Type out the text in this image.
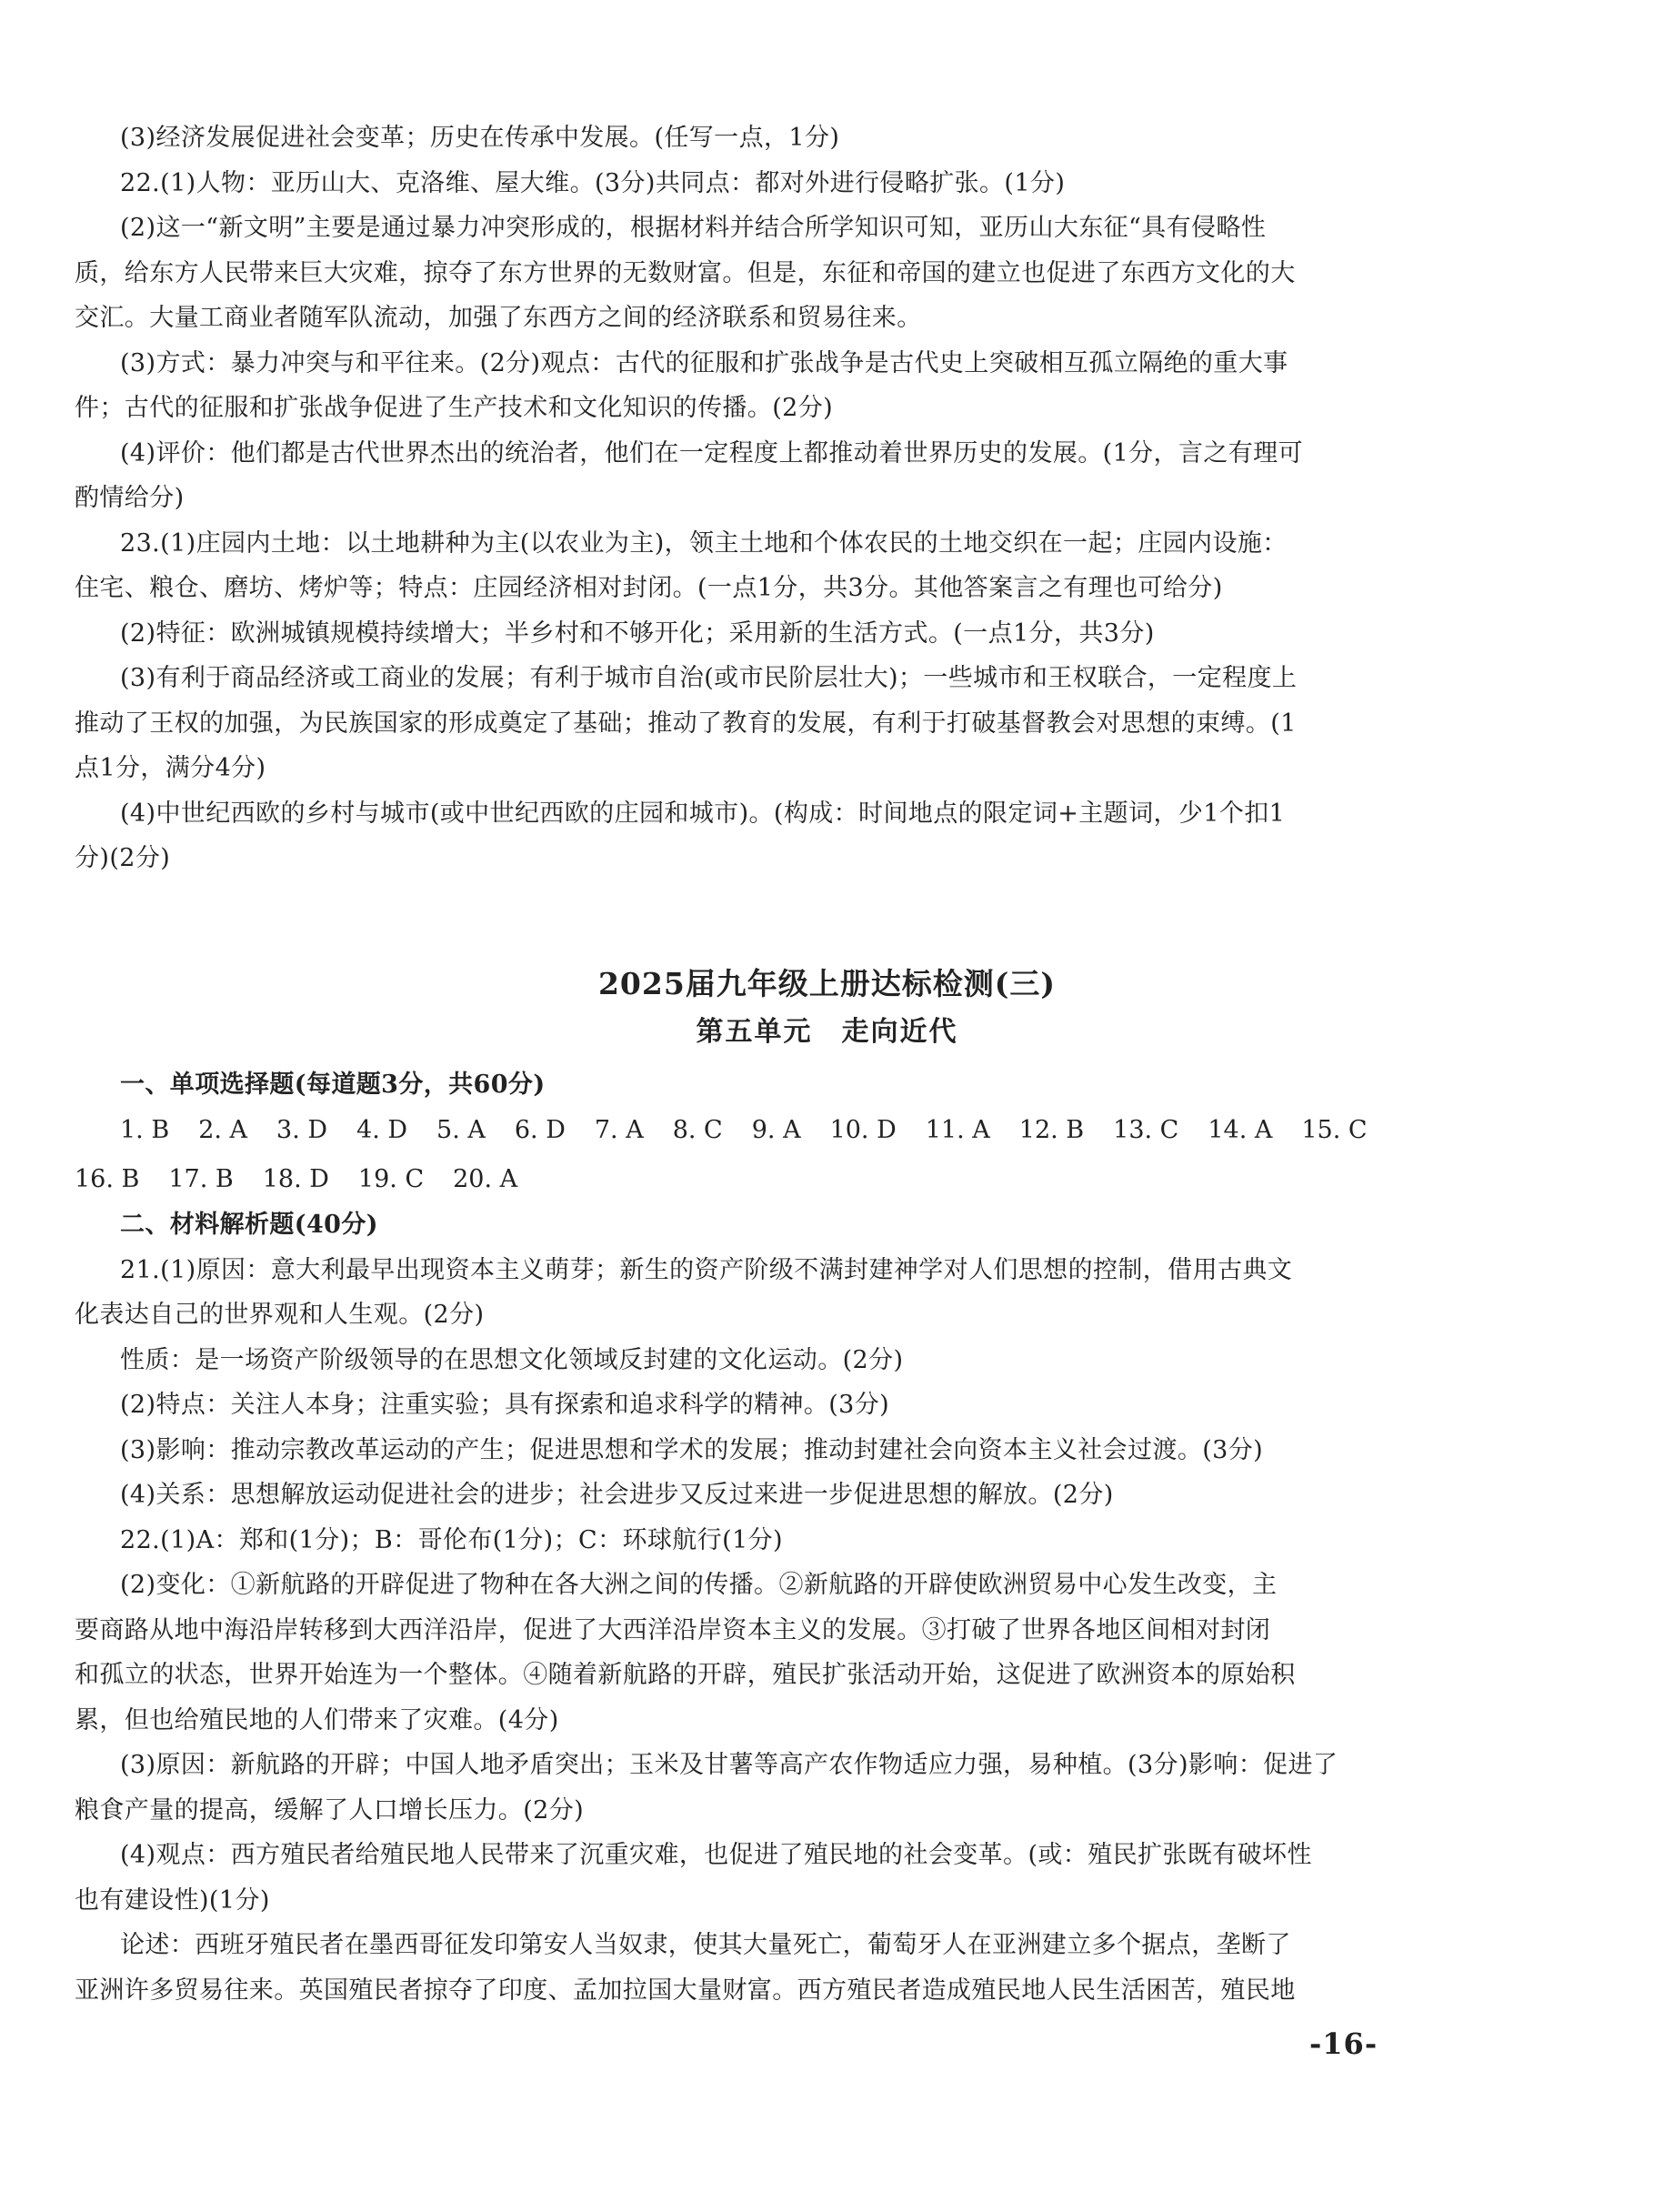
(3)经济发展促进社会变革；历史在传承中发展。(任写一点，1分)
22.(1)人物：亚历山大、克洛维、屋大维。(3分)共同点：都对外进行侵略扩张。(1分)
(2)这一“新文明”主要是通过暴力冲突形成的，根据材料并结合所学知识可知，亚历山大东征“具有侵略性
质，给东方人民带来巨大灾难，掠夺了东方世界的无数财富。但是，东征和帝国的建立也促进了东西方文化的大
交汇。大量工商业者随军队流动，加强了东西方之间的经济联系和贸易往来。
(3)方式：暴力冲突与和平往来。(2分)观点：古代的征服和扩张战争是古代史上突破相互孤立隔绝的重大事
件；古代的征服和扩张战争促进了生产技术和文化知识的传播。(2分)
(4)评价：他们都是古代世界杰出的统治者，他们在一定程度上都推动着世界历史的发展。(1分，言之有理可
酌情给分)
23.(1)庄园内土地：以土地耕种为主(以农业为主)，领主土地和个体农民的土地交织在一起；庄园内设施：
住宅、粮仓、磨坊、烤炉等；特点：庄园经济相对封闭。(一点1分，共3分。其他答案言之有理也可给分)
(2)特征：欧洲城镇规模持续增大；半乡村和不够开化；采用新的生活方式。(一点1分，共3分)
(3)有利于商品经济或工商业的发展；有利于城市自治(或市民阶层壮大)；一些城市和王权联合，一定程度上
推动了王权的加强，为民族国家的形成奠定了基础；推动了教育的发展，有利于打破基督教会对思想的束缚。(1
点1分，满分4分)
(4)中世纪西欧的乡村与城市(或中世纪西欧的庄园和城市)。(构成：时间地点的限定词+主题词，少1个扣1
分)(2分)
2025届九年级上册达标检测(三)
第五单元　走向近代
一、单项选择题(每道题3分，共60分)
1. B 2. A 3. D 4. D 5. A 6. D 7. A 8. C 9. A 10. D 11. A 12. B 13. C 14. A 15. C
16. B 17. B 18. D 19. C 20. A
二、材料解析题(40分)
21.(1)原因：意大利最早出现资本主义萌芽；新生的资产阶级不满封建神学对人们思想的控制，借用古典文
化表达自己的世界观和人生观。(2分)
性质：是一场资产阶级领导的在思想文化领域反封建的文化运动。(2分)
(2)特点：关注人本身；注重实验；具有探索和追求科学的精神。(3分)
(3)影响：推动宗教改革运动的产生；促进思想和学术的发展；推动封建社会向资本主义社会过渡。(3分)
(4)关系：思想解放运动促进社会的进步；社会进步又反过来进一步促进思想的解放。(2分)
22.(1)A：郑和(1分)；B：哥伦布(1分)；C：环球航行(1分)
(2)变化：①新航路的开辟促进了物种在各大洲之间的传播。②新航路的开辟使欧洲贸易中心发生改变，主
要商路从地中海沿岸转移到大西洋沿岸，促进了大西洋沿岸资本主义的发展。③打破了世界各地区间相对封闭
和孤立的状态，世界开始连为一个整体。④随着新航路的开辟，殖民扩张活动开始，这促进了欧洲资本的原始积
累，但也给殖民地的人们带来了灾难。(4分)
(3)原因：新航路的开辟；中国人地矛盾突出；玉米及甘薯等高产农作物适应力强，易种植。(3分)影响：促进了
粮食产量的提高，缓解了人口增长压力。(2分)
(4)观点：西方殖民者给殖民地人民带来了沉重灾难，也促进了殖民地的社会变革。(或：殖民扩张既有破坏性
也有建设性)(1分)
论述：西班牙殖民者在墨西哥征发印第安人当奴隶，使其大量死亡，葡萄牙人在亚洲建立多个据点，垄断了
亚洲许多贸易往来。英国殖民者掠夺了印度、孟加拉国大量财富。西方殖民者造成殖民地人民生活困苦，殖民地
-16-
